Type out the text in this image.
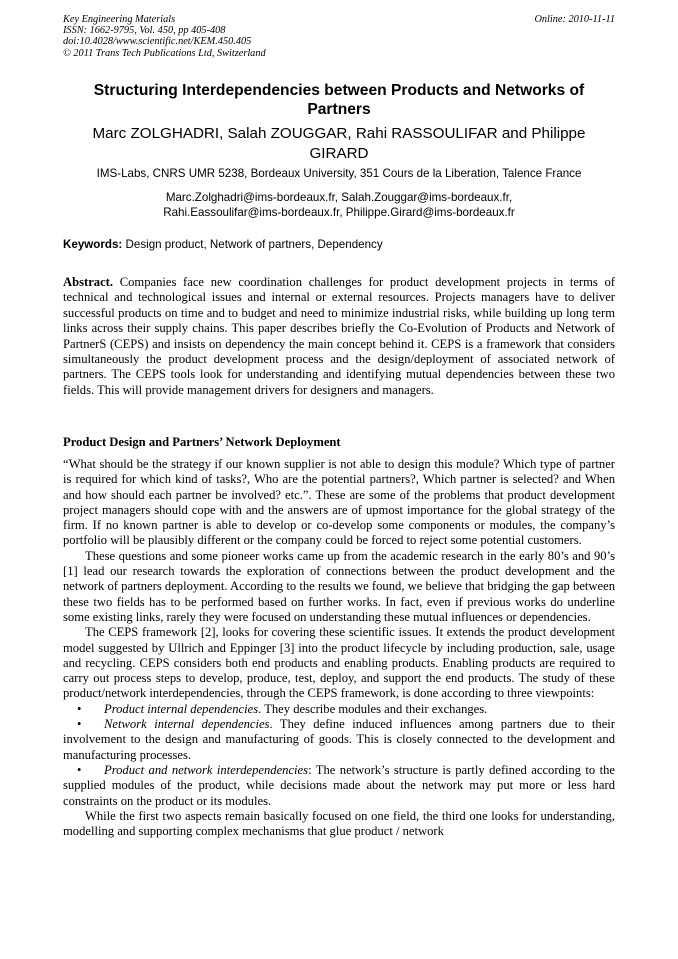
Key Engineering Materials
ISSN: 1662-9795, Vol. 450, pp 405-408
doi:10.4028/www.scientific.net/KEM.450.405
© 2011 Trans Tech Publications Ltd, Switzerland
Online: 2010-11-11
Structuring Interdependencies between Products and Networks of Partners
Marc ZOLGHADRI, Salah ZOUGGAR, Rahi RASSOULIFAR and Philippe GIRARD
IMS-Labs, CNRS UMR 5238, Bordeaux University, 351 Cours de la Liberation, Talence France
Marc.Zolghadri@ims-bordeaux.fr, Salah.Zouggar@ims-bordeaux.fr,
Rahi.Eassoulifar@ims-bordeaux.fr, Philippe.Girard@ims-bordeaux.fr
Keywords: Design product, Network of partners, Dependency

Abstract. Companies face new coordination challenges for product development projects in terms of technical and technological issues and internal or external resources. Projects managers have to deliver successful products on time and to budget and need to minimize industrial risks, while building up long term links across their supply chains. This paper describes briefly the Co-Evolution of Products and Network of PartnerS (CEPS) and insists on dependency the main concept behind it. CEPS is a framework that considers simultaneously the product development process and the design/deployment of associated network of partners. The CEPS tools look for understanding and identifying mutual dependencies between these two fields. This will provide management drivers for designers and managers.

Product Design and Partners’ Network Deployment

“What should be the strategy if our known supplier is not able to design this module? Which type of partner is required for which kind of tasks?, Who are the potential partners?, Which partner is selected? and When and how should each partner be involved? etc.”. These are some of the problems that product development project managers should cope with and the answers are of upmost importance for the global strategy of the firm. If no known partner is able to develop or co-develop some components or modules, the company’s portfolio will be plausibly different or the company could be forced to reject some potential customers.

These questions and some pioneer works came up from the academic research in the early 80’s and 90’s [1] lead our research towards the exploration of connections between the product development and the network of partners deployment. According to the results we found, we believe that bridging the gap between these two fields has to be performed based on further works. In fact, even if previous works do underline some existing links, rarely they were focused on understanding these mutual influences or dependencies.

The CEPS framework [2], looks for covering these scientific issues. It extends the product development model suggested by Ullrich and Eppinger [3] into the product lifecycle by including production, sale, usage and recycling. CEPS considers both end products and enabling products. Enabling products are required to carry out process steps to develop, produce, test, deploy, and support the end products. The study of these product/network interdependencies, through the CEPS framework, is done according to three viewpoints:

• Product internal dependencies. They describe modules and their exchanges.

• Network internal dependencies. They define induced influences among partners due to their involvement to the design and manufacturing of goods. This is closely connected to the development and manufacturing processes.

• Product and network interdependencies: The network’s structure is partly defined according to the supplied modules of the product, while decisions made about the network may put more or less hard constraints on the product or its modules.

While the first two aspects remain basically focused on one field, the third one looks for understanding, modelling and supporting complex mechanisms that glue product / network
